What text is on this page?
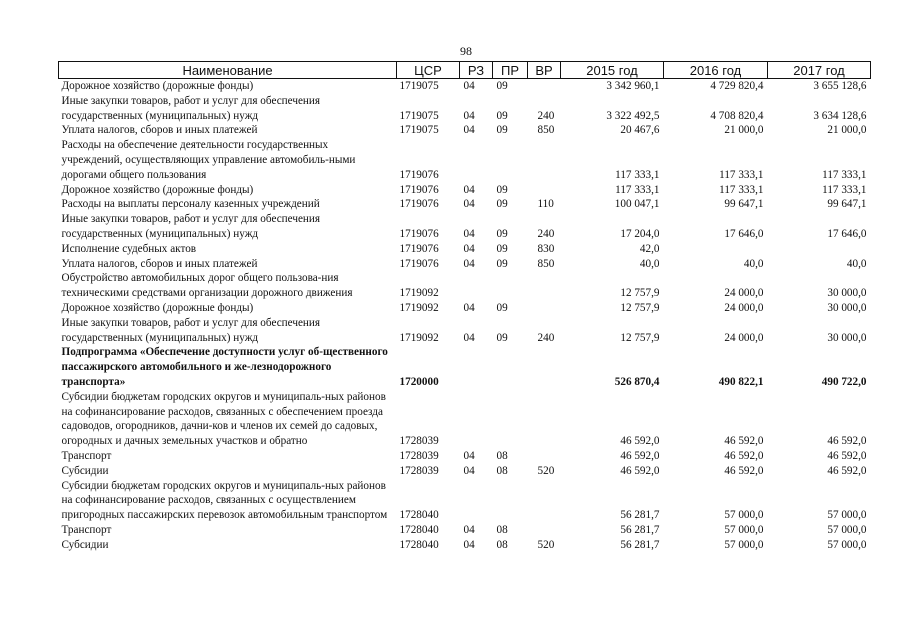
98
Наименование	ЦСР	РЗ	ПР	ВР	2015 год	2016 год	2017 год
Дорожное хозяйство (дорожные фонды)	1719075	04	09		3 342 960,1	4 729 820,4	3 655 128,6
Иные закупки товаров, работ и услуг для обеспечения государственных (муниципальных) нужд	1719075	04	09	240	3 322 492,5	4 708 820,4	3 634 128,6
Уплата налогов, сборов и иных платежей	1719075	04	09	850	20 467,6	21 000,0	21 000,0
Расходы на обеспечение деятельности государственных учреждений, осуществляющих управление автомобиль-ными дорогами общего пользования	1719076				117 333,1	117 333,1	117 333,1
Дорожное хозяйство (дорожные фонды)	1719076	04	09		117 333,1	117 333,1	117 333,1
Расходы на выплаты персоналу казенных учреждений	1719076	04	09	110	100 047,1	99 647,1	99 647,1
Иные закупки товаров, работ и услуг для обеспечения государственных (муниципальных) нужд	1719076	04	09	240	17 204,0	17 646,0	17 646,0
Исполнение судебных актов	1719076	04	09	830	42,0		
Уплата налогов, сборов и иных платежей	1719076	04	09	850	40,0	40,0	40,0
Обустройство автомобильных дорог общего пользова-ния техническими средствами организации дорожного движения	1719092				12 757,9	24 000,0	30 000,0
Дорожное хозяйство (дорожные фонды)	1719092	04	09		12 757,9	24 000,0	30 000,0
Иные закупки товаров, работ и услуг для обеспечения государственных (муниципальных) нужд	1719092	04	09	240	12 757,9	24 000,0	30 000,0
Подпрограмма «Обеспечение доступности услуг об-щественного пассажирского автомобильного и же-лезнодорожного транспорта»	1720000				526 870,4	490 822,1	490 722,0
Субсидии бюджетам городских округов и муниципаль-ных районов на софинансирование расходов, связанных с обеспечением проезда садоводов, огородников, дачни-ков и членов их семей до садовых, огородных и дачных земельных участков и обратно	1728039				46 592,0	46 592,0	46 592,0
Транспорт	1728039	04	08		46 592,0	46 592,0	46 592,0
Субсидии	1728039	04	08	520	46 592,0	46 592,0	46 592,0
Субсидии бюджетам городских округов и муниципаль-ных районов на софинансирование расходов, связанных с осуществлением пригородных пассажирских перевозок автомобильным транспортом	1728040				56 281,7	57 000,0	57 000,0
Транспорт	1728040	04	08		56 281,7	57 000,0	57 000,0
Субсидии	1728040	04	08	520	56 281,7	57 000,0	57 000,0
